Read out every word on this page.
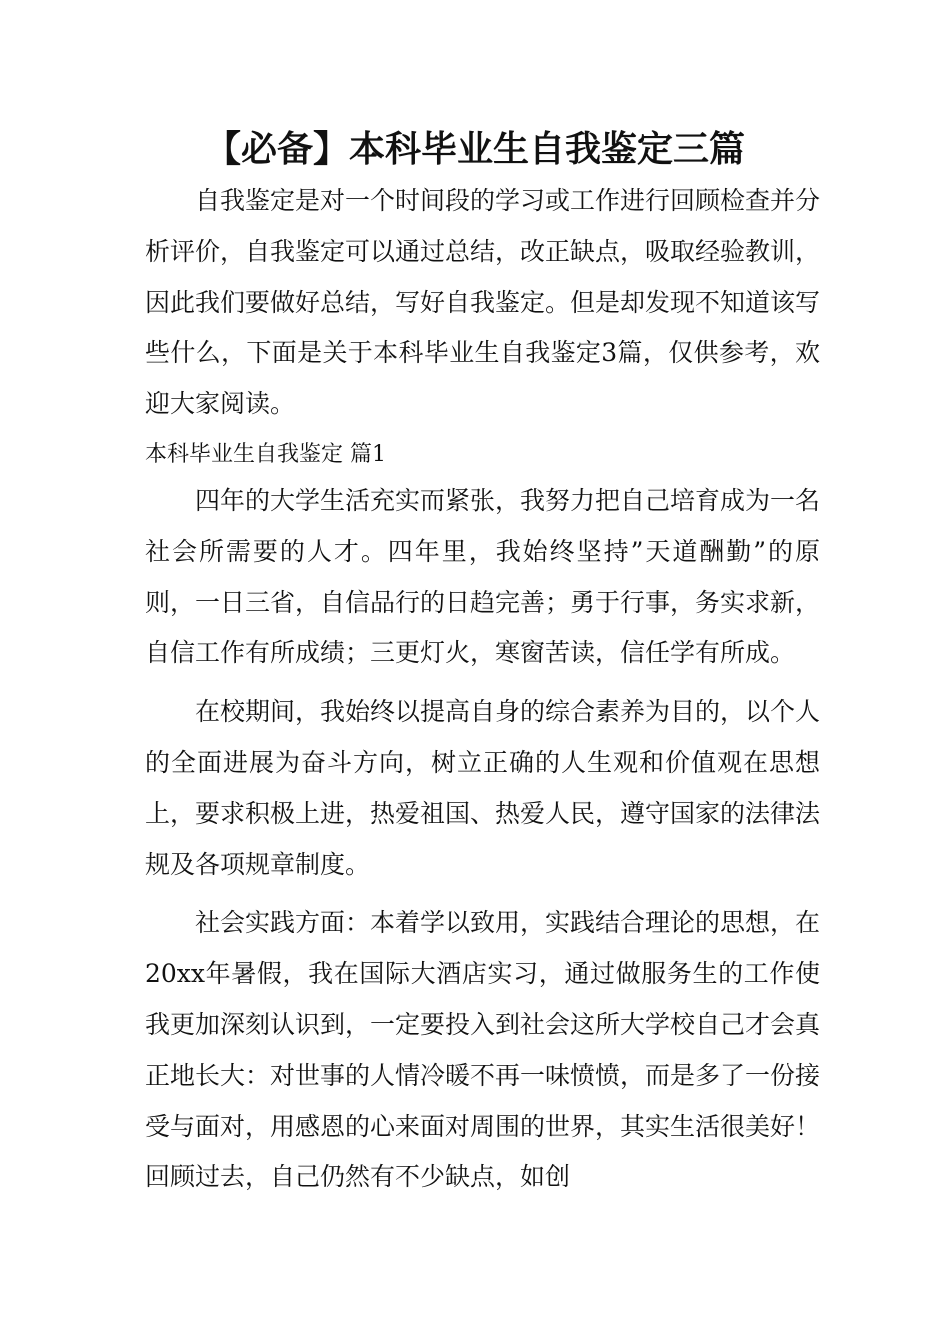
【必备】本科毕业生自我鉴定三篇

自我鉴定是对一个时间段的学习或工作进行回顾检查并分析评价，自我鉴定可以通过总结，改正缺点，吸取经验教训，因此我们要做好总结，写好自我鉴定。但是却发现不知道该写些什么，下面是关于本科毕业生自我鉴定3篇，仅供参考，欢迎大家阅读。

本科毕业生自我鉴定 篇1

四年的大学生活充实而紧张，我努力把自己培育成为一名社会所需要的人才。四年里，我始终坚持”天道酬勤”的原则，一日三省，自信品行的日趋完善；勇于行事，务实求新，自信工作有所成绩；三更灯火，寒窗苦读，信任学有所成。

在校期间，我始终以提高自身的综合素养为目的，以个人的全面进展为奋斗方向，树立正确的人生观和价值观在思想上，要求积极上进，热爱祖国、热爱人民，遵守国家的法律法规及各项规章制度。

社会实践方面：本着学以致用，实践结合理论的思想，在20xx年暑假，我在国际大酒店实习，通过做服务生的工作使我更加深刻认识到，一定要投入到社会这所大学校自己才会真正地长大：对世事的人情冷暖不再一味愤愤，而是多了一份接受与面对，用感恩的心来面对周围的世界，其实生活很美好！回顾过去，自己仍然有不少缺点，如创
